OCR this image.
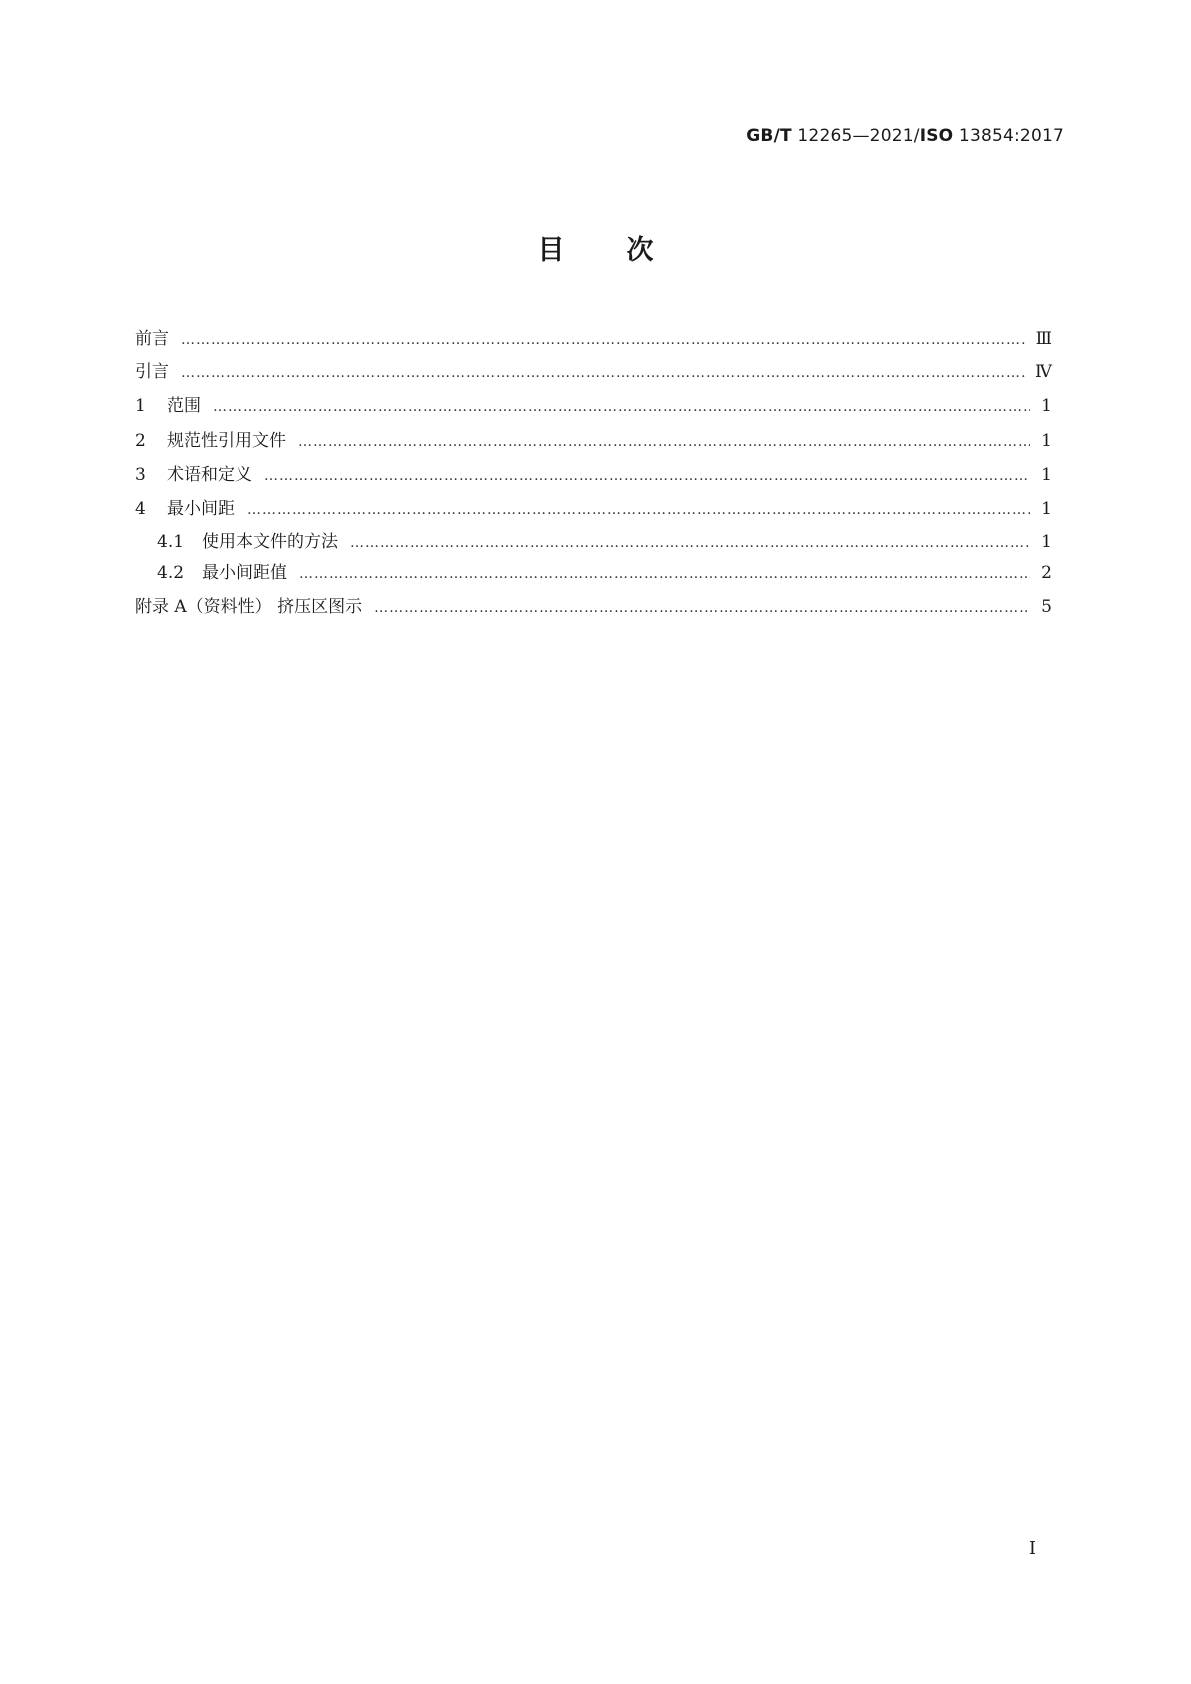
GB/T 12265—2021/ISO 13854:2017
目次
前言 …………………………………………………………………………………………………………………………………………………………………………………………………………………………………………………	Ⅲ
引言 …………………………………………………………………………………………………………………………………………………………………………………………………………………………………………………	Ⅳ
1	范围 …………………………………………………………………………………………………………………………………………………………………………………………………………………………………………………	1
2	规范性引用文件 …………………………………………………………………………………………………………………………………………………………………………………………………………………………………………………	1
3	术语和定义 …………………………………………………………………………………………………………………………………………………………………………………………………………………………………………………	1
4	最小间距 …………………………………………………………………………………………………………………………………………………………………………………………………………………………………………………	1
4.1	使用本文件的方法 …………………………………………………………………………………………………………………………………………………………………………………………………………………………………………………	1
4.2	最小间距值 …………………………………………………………………………………………………………………………………………………………………………………………………………………………………………………	2
附录 A（资料性） 挤压区图示 …………………………………………………………………………………………………………………………………………………………………………………………………………………………………………………	5
Ⅰ
